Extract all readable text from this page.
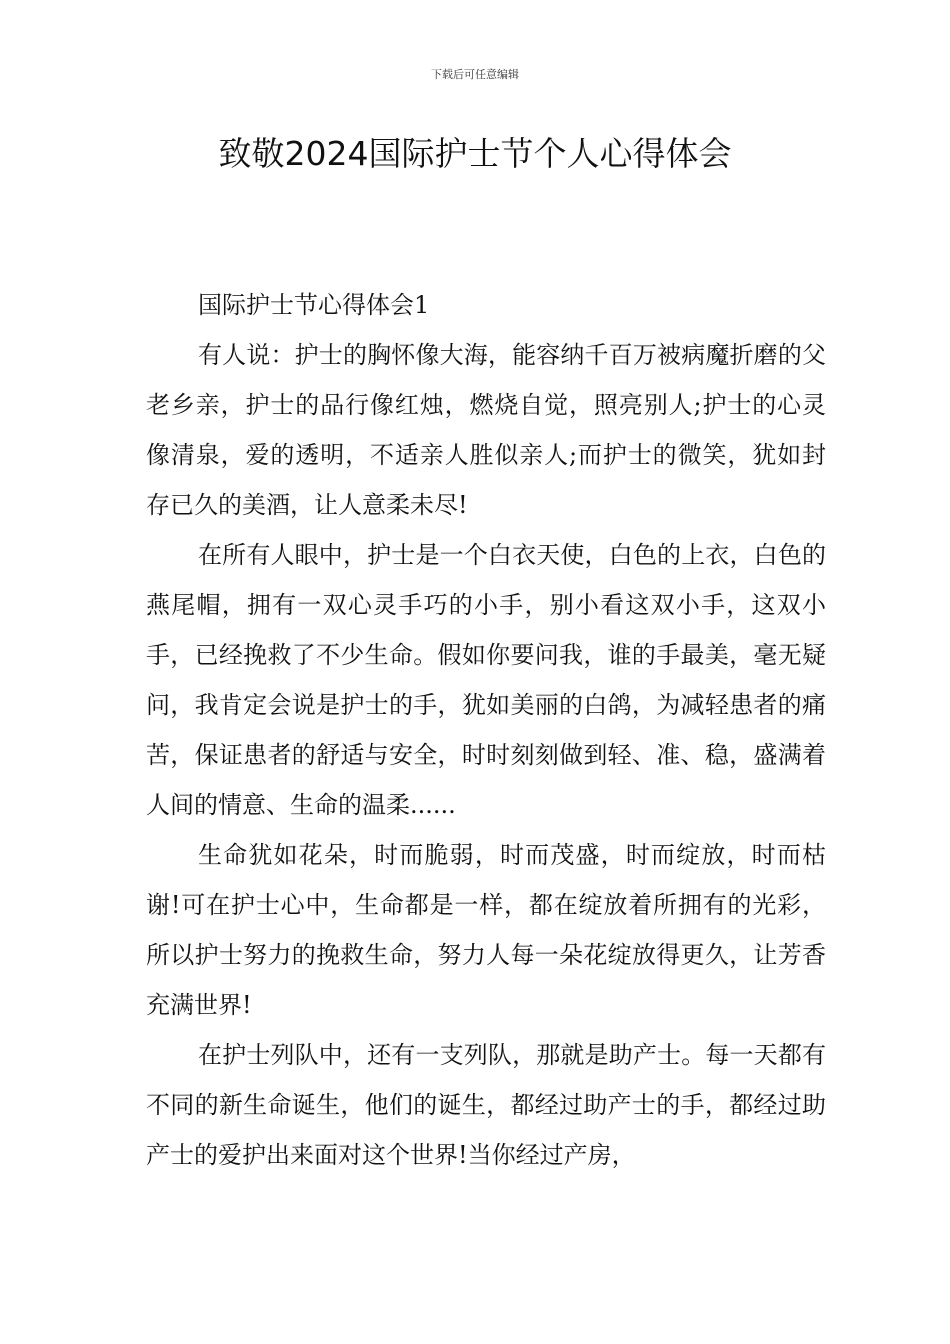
下载后可任意编辑
致敬2024国际护士节个人心得体会

国际护士节心得体会1

有人说：护士的胸怀像大海，能容纳千百万被病魔折磨的父老乡亲，护士的品行像红烛，燃烧自觉，照亮别人;护士的心灵像清泉，爱的透明，不适亲人胜似亲人;而护士的微笑，犹如封存已久的美酒，让人意柔未尽!

在所有人眼中，护士是一个白衣天使，白色的上衣，白色的燕尾帽，拥有一双心灵手巧的小手，别小看这双小手，这双小手，已经挽救了不少生命。假如你要问我，谁的手最美，毫无疑问，我肯定会说是护士的手，犹如美丽的白鸽，为减轻患者的痛苦，保证患者的舒适与安全，时时刻刻做到轻、准、稳，盛满着人间的情意、生命的温柔......

生命犹如花朵，时而脆弱，时而茂盛，时而绽放，时而枯谢!可在护士心中，生命都是一样，都在绽放着所拥有的光彩，所以护士努力的挽救生命，努力人每一朵花绽放得更久，让芳香充满世界!

在护士列队中，还有一支列队，那就是助产士。每一天都有不同的新生命诞生，他们的诞生，都经过助产士的手，都经过助产士的爱护出来面对这个世界!当你经过产房，
